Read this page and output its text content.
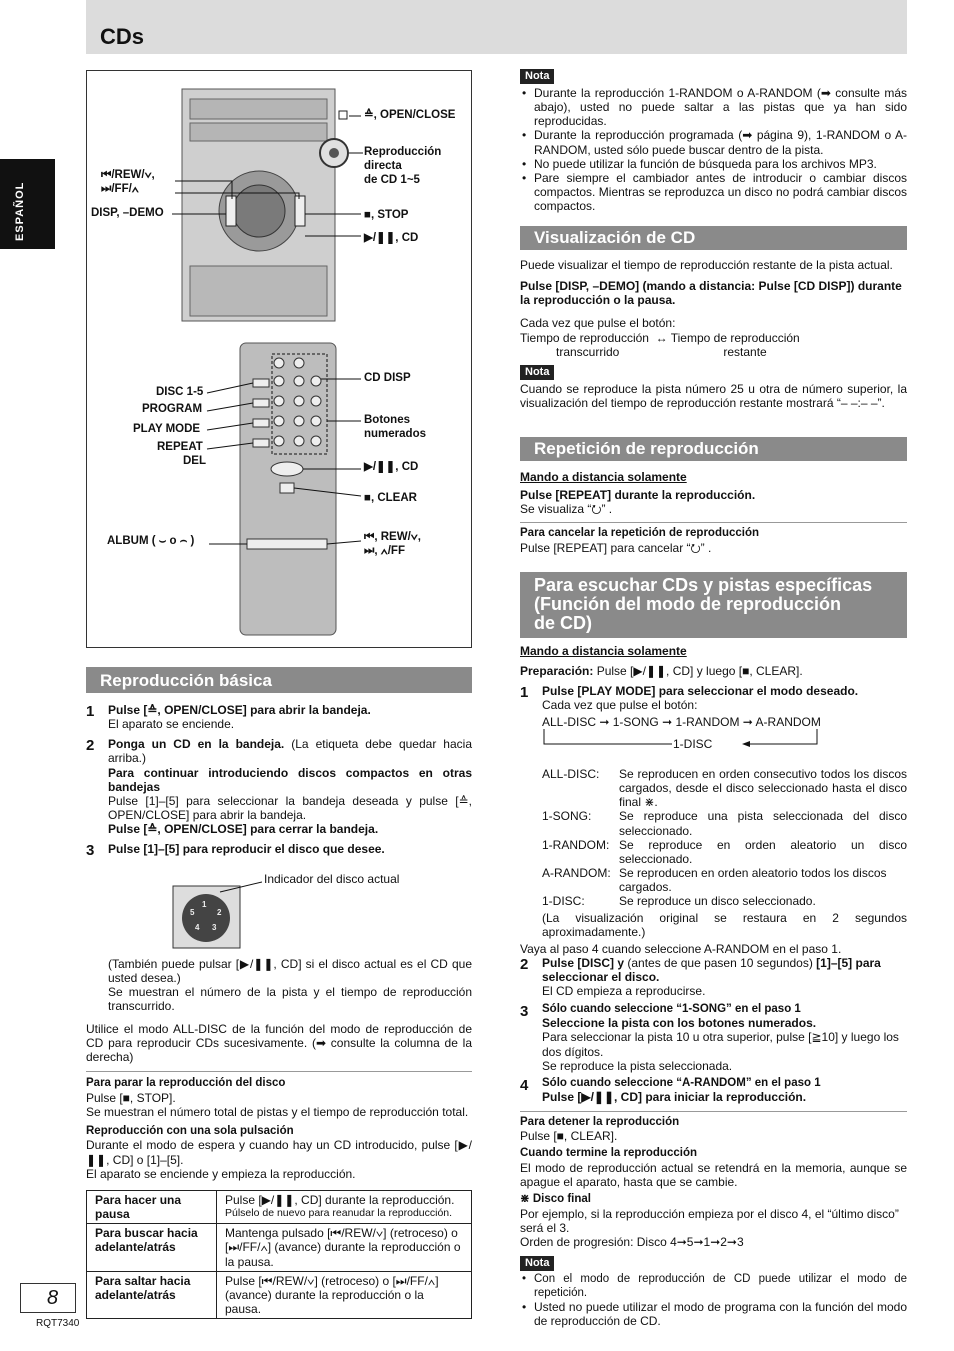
CDs
ESPAÑOL
≙, OPEN/CLOSE
Reproducción
directa
de CD 1~5
⏮/REW/∨,
⏭/FF/∧
DISP, –DEMO	■, STOP
▶/❚❚, CD
CD DISP
DISC 1-5
PROGRAM
PLAY MODE
REPEAT
DEL
Botones
numerados
▶/❚❚, CD
■, CLEAR
ALBUM ( ⌣ o ⌢ )	⏮, REW/∨,
⏭, ∧/FF
Reproducción básica
1 Pulse [≙, OPEN/CLOSE] para abrir la bandeja.
El aparato se enciende.
2 Ponga un CD en la bandeja. (La etiqueta debe quedar hacia arriba.)
Para continuar introduciendo discos compactos en otras bandejas
Pulse [1]–[5] para seleccionar la bandeja deseada y pulse [≙, OPEN/CLOSE] para abrir la bandeja.
Pulse [≙, OPEN/CLOSE] para cerrar la bandeja.
3 Pulse [1]–[5] para reproducir el disco que desee.
1
2
3
4
5
Indicador del disco actual
(También puede pulsar [▶/❚❚, CD] si el disco actual es el CD que usted desea.)
Se muestran el número de la pista y el tiempo de reproducción transcurrido.
Utilice el modo ALL-DISC de la función del modo de reproducción de CD para reproducir CDs sucesivamente. (➡ consulte la columna de la derecha)
Para parar la reproducción del disco
Pulse [■, STOP].
Se muestran el número total de pistas y el tiempo de reproducción total.
Reproducción con una sola pulsación
Durante el modo de espera y cuando hay un CD introducido, pulse [▶/❚❚, CD] o [1]–[5].
El aparato se enciende y empieza la reproducción.
Para hacer una pausa	Pulse [▶/❚❚, CD] durante la reproducción.
Púlselo de nuevo para reanudar la reproducción.

Para buscar hacia adelante/atrás	Mantenga pulsado [⏮/REW/∨] (retroceso) o [⏭/FF/∧] (avance) durante la reproducción o la pausa.
Para saltar hacia adelante/atrás	Pulse [⏮/REW/∨] (retroceso) o [⏭/FF/∧] (avance) durante la reproducción o la pausa.
8
RQT7340
Nota
• Durante la reproducción 1-RANDOM o A-RANDOM (➡ consulte más abajo), usted no puede saltar a las pistas que ya han sido reproducidas.
• Durante la reproducción programada (➡ página 9), 1-RANDOM o A-RANDOM, usted sólo puede buscar dentro de la pista.
• No puede utilizar la función de búsqueda para los archivos MP3.
• Pare siempre el cambiador antes de introducir o cambiar discos compactos. Mientras se reproduzca un disco no podrá cambiar discos compactos.
Visualización de CD
Puede visualizar el tiempo de reproducción restante de la pista actual.
Pulse [DISP, –DEMO] (mando a distancia: Pulse [CD DISP]) durante la reproducción o la pausa.
Cada vez que pulse el botón:
Tiempo de reproducción ↔ Tiempo de reproducción
transcurrido	restante
Nota
Cuando se reproduce la pista número 25 u otra de número superior, la visualización del tiempo de reproducción restante mostrará “– –:– –”.
Repetición de reproducción
Mando a distancia solamente
Pulse [REPEAT] durante la reproducción.
Se visualiza “⭮” .
Para cancelar la repetición de reproducción
Pulse [REPEAT] para cancelar “⭮” .
Para escuchar CDs y pistas específicas
(Función del modo de reproducción
de CD)
Mando a distancia solamente
Preparación: Pulse [▶/❚❚, CD] y luego [■, CLEAR].
1 Pulse [PLAY MODE] para seleccionar el modo deseado.
Cada vez que pulse el botón:
ALL-DISC ➞ 1-SONG ➞ 1-RANDOM ➞ A-RANDOM
1-DISC
ALL-DISC:	Se reproducen en orden consecutivo todos los discos cargados, desde el disco seleccionado hasta el disco final ⋇.
1-SONG:	Se reproduce una pista seleccionada del disco seleccionado.
1-RANDOM: Se reproduce en orden aleatorio un disco seleccionado.
A-RANDOM: Se reproducen en orden aleatorio todos los discos cargados.
1-DISC:	Se reproduce un disco seleccionado.
(La visualización original se restaura en 2 segundos aproximadamente.)
Vaya al paso 4 cuando seleccione A-RANDOM en el paso 1.
2 Pulse [DISC] y (antes de que pasen 10 segundos) [1]–[5] para seleccionar el disco.
El CD empieza a reproducirse.
3 Sólo cuando seleccione “1-SONG” en el paso 1
Seleccione la pista con los botones numerados.
Para seleccionar la pista 10 u otra superior, pulse [≧10] y luego los dos dígitos.
Se reproduce la pista seleccionada.
4 Sólo cuando seleccione “A-RANDOM” en el paso 1
Pulse [▶/❚❚, CD] para iniciar la reproducción.
Para detener la reproducción
Pulse [■, CLEAR].
Cuando termine la reproducción
El modo de reproducción actual se retendrá en la memoria, aunque se apague el aparato, hasta que se cambie.
⋇ Disco final
Por ejemplo, si la reproducción empieza por el disco 4, el “último disco” será el 3.
Orden de progresión: Disco 4➞5➞1➞2➞3
Nota
• Con el modo de reproducción de CD puede utilizar el modo de repetición.
• Usted no puede utilizar el modo de programa con la función del modo de reproducción de CD.
